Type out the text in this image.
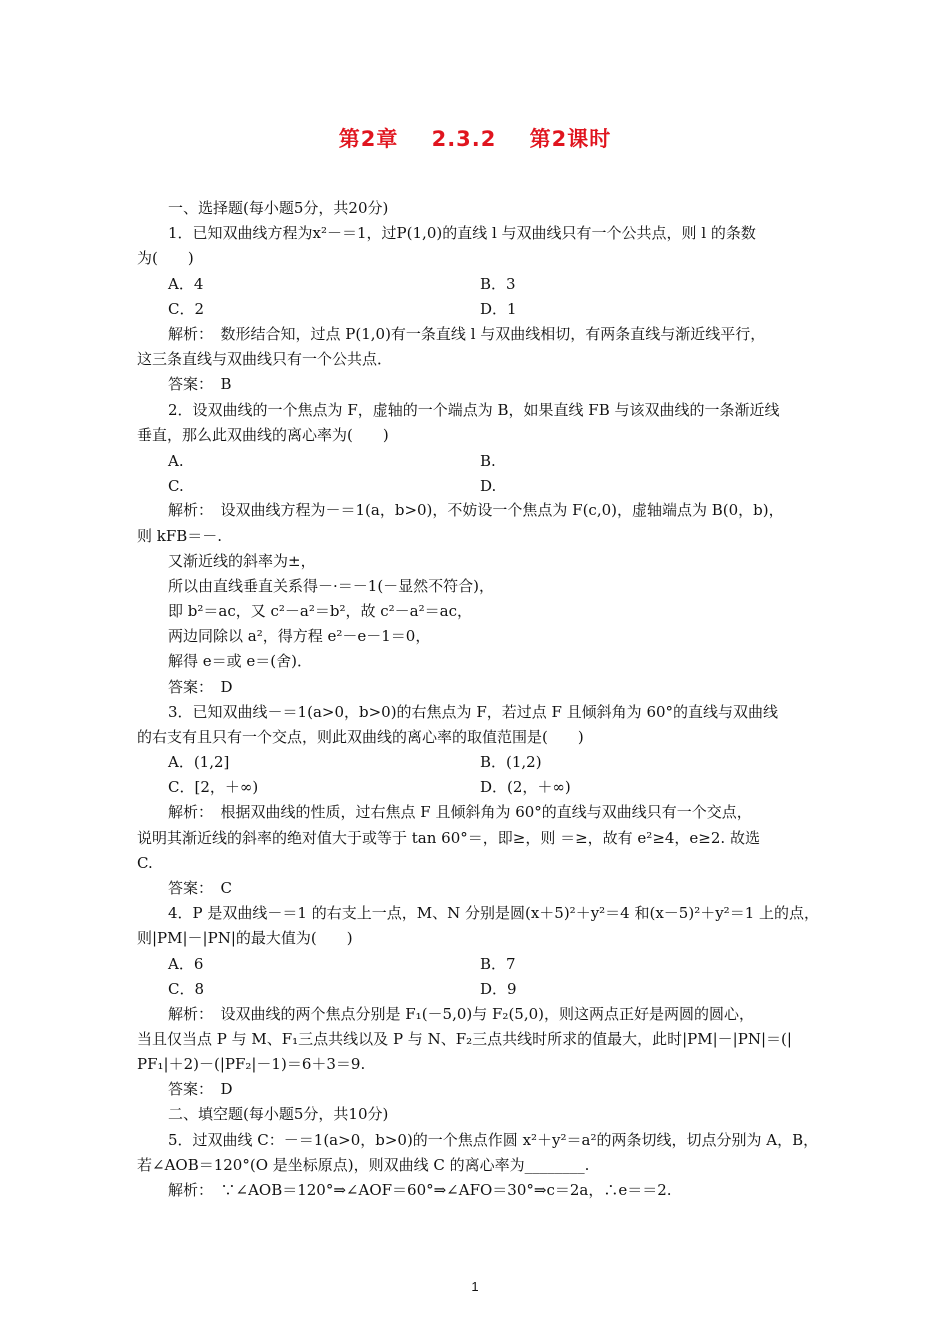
第2章    2.3.2    第2课时
一、选择题(每小题5分，共20分)
1．已知双曲线方程为x²－＝1，过P(1,0)的直线 l 与双曲线只有一个公共点，则 l 的条数
为(　　)
A．4	B．3
C．2	D．1
解析：　数形结合知，过点 P(1,0)有一条直线 l 与双曲线相切，有两条直线与渐近线平行，
这三条直线与双曲线只有一个公共点．
答案：　B
2．设双曲线的一个焦点为 F，虚轴的一个端点为 B，如果直线 FB 与该双曲线的一条渐近线
垂直，那么此双曲线的离心率为(　　)
A.	B.
C.	D.
解析：　设双曲线方程为－＝1(a，b>0)，不妨设一个焦点为 F(c,0)，虚轴端点为 B(0，b)，
则 kFB＝－.
又渐近线的斜率为±，
所以由直线垂直关系得－·＝－1(－显然不符合)，
即 b²＝ac，又 c²－a²＝b²，故 c²－a²＝ac，
两边同除以 a²，得方程 e²－e－1＝0，
解得 e＝或 e＝(舍)．
答案：　D
3．已知双曲线－＝1(a>0，b>0)的右焦点为 F，若过点 F 且倾斜角为 60°的直线与双曲线
的右支有且只有一个交点，则此双曲线的离心率的取值范围是(　　)
A．(1,2]	B．(1,2)
C．[2，＋∞)	D．(2，＋∞)
解析：　根据双曲线的性质，过右焦点 F 且倾斜角为 60°的直线与双曲线只有一个交点，
说明其渐近线的斜率的绝对值大于或等于 tan 60°＝，即≥，则 ＝≥，故有 e²≥4，e≥2. 故选
C.
答案：　C
4．P 是双曲线－＝1 的右支上一点，M、N 分别是圆(x＋5)²＋y²＝4 和(x－5)²＋y²＝1 上的点，
则|PM|－|PN|的最大值为(　　)
A．6	B．7
C．8	D．9
解析：　设双曲线的两个焦点分别是 F₁(－5,0)与 F₂(5,0)，则这两点正好是两圆的圆心，
当且仅当点 P 与 M、F₁三点共线以及 P 与 N、F₂三点共线时所求的值最大，此时|PM|－|PN|＝(|
PF₁|＋2)－(|PF₂|－1)＝6＋3＝9.
答案：　D
二、填空题(每小题5分，共10分)
5．过双曲线 C：－＝1(a>0，b>0)的一个焦点作圆 x²＋y²＝a²的两条切线，切点分别为 A，B，
若∠AOB＝120°(O 是坐标原点)，则双曲线 C 的离心率为________.
解析：　∵∠AOB＝120°⇒∠AOF＝60°⇒∠AFO＝30°⇒c＝2a，∴e＝＝2.
1
